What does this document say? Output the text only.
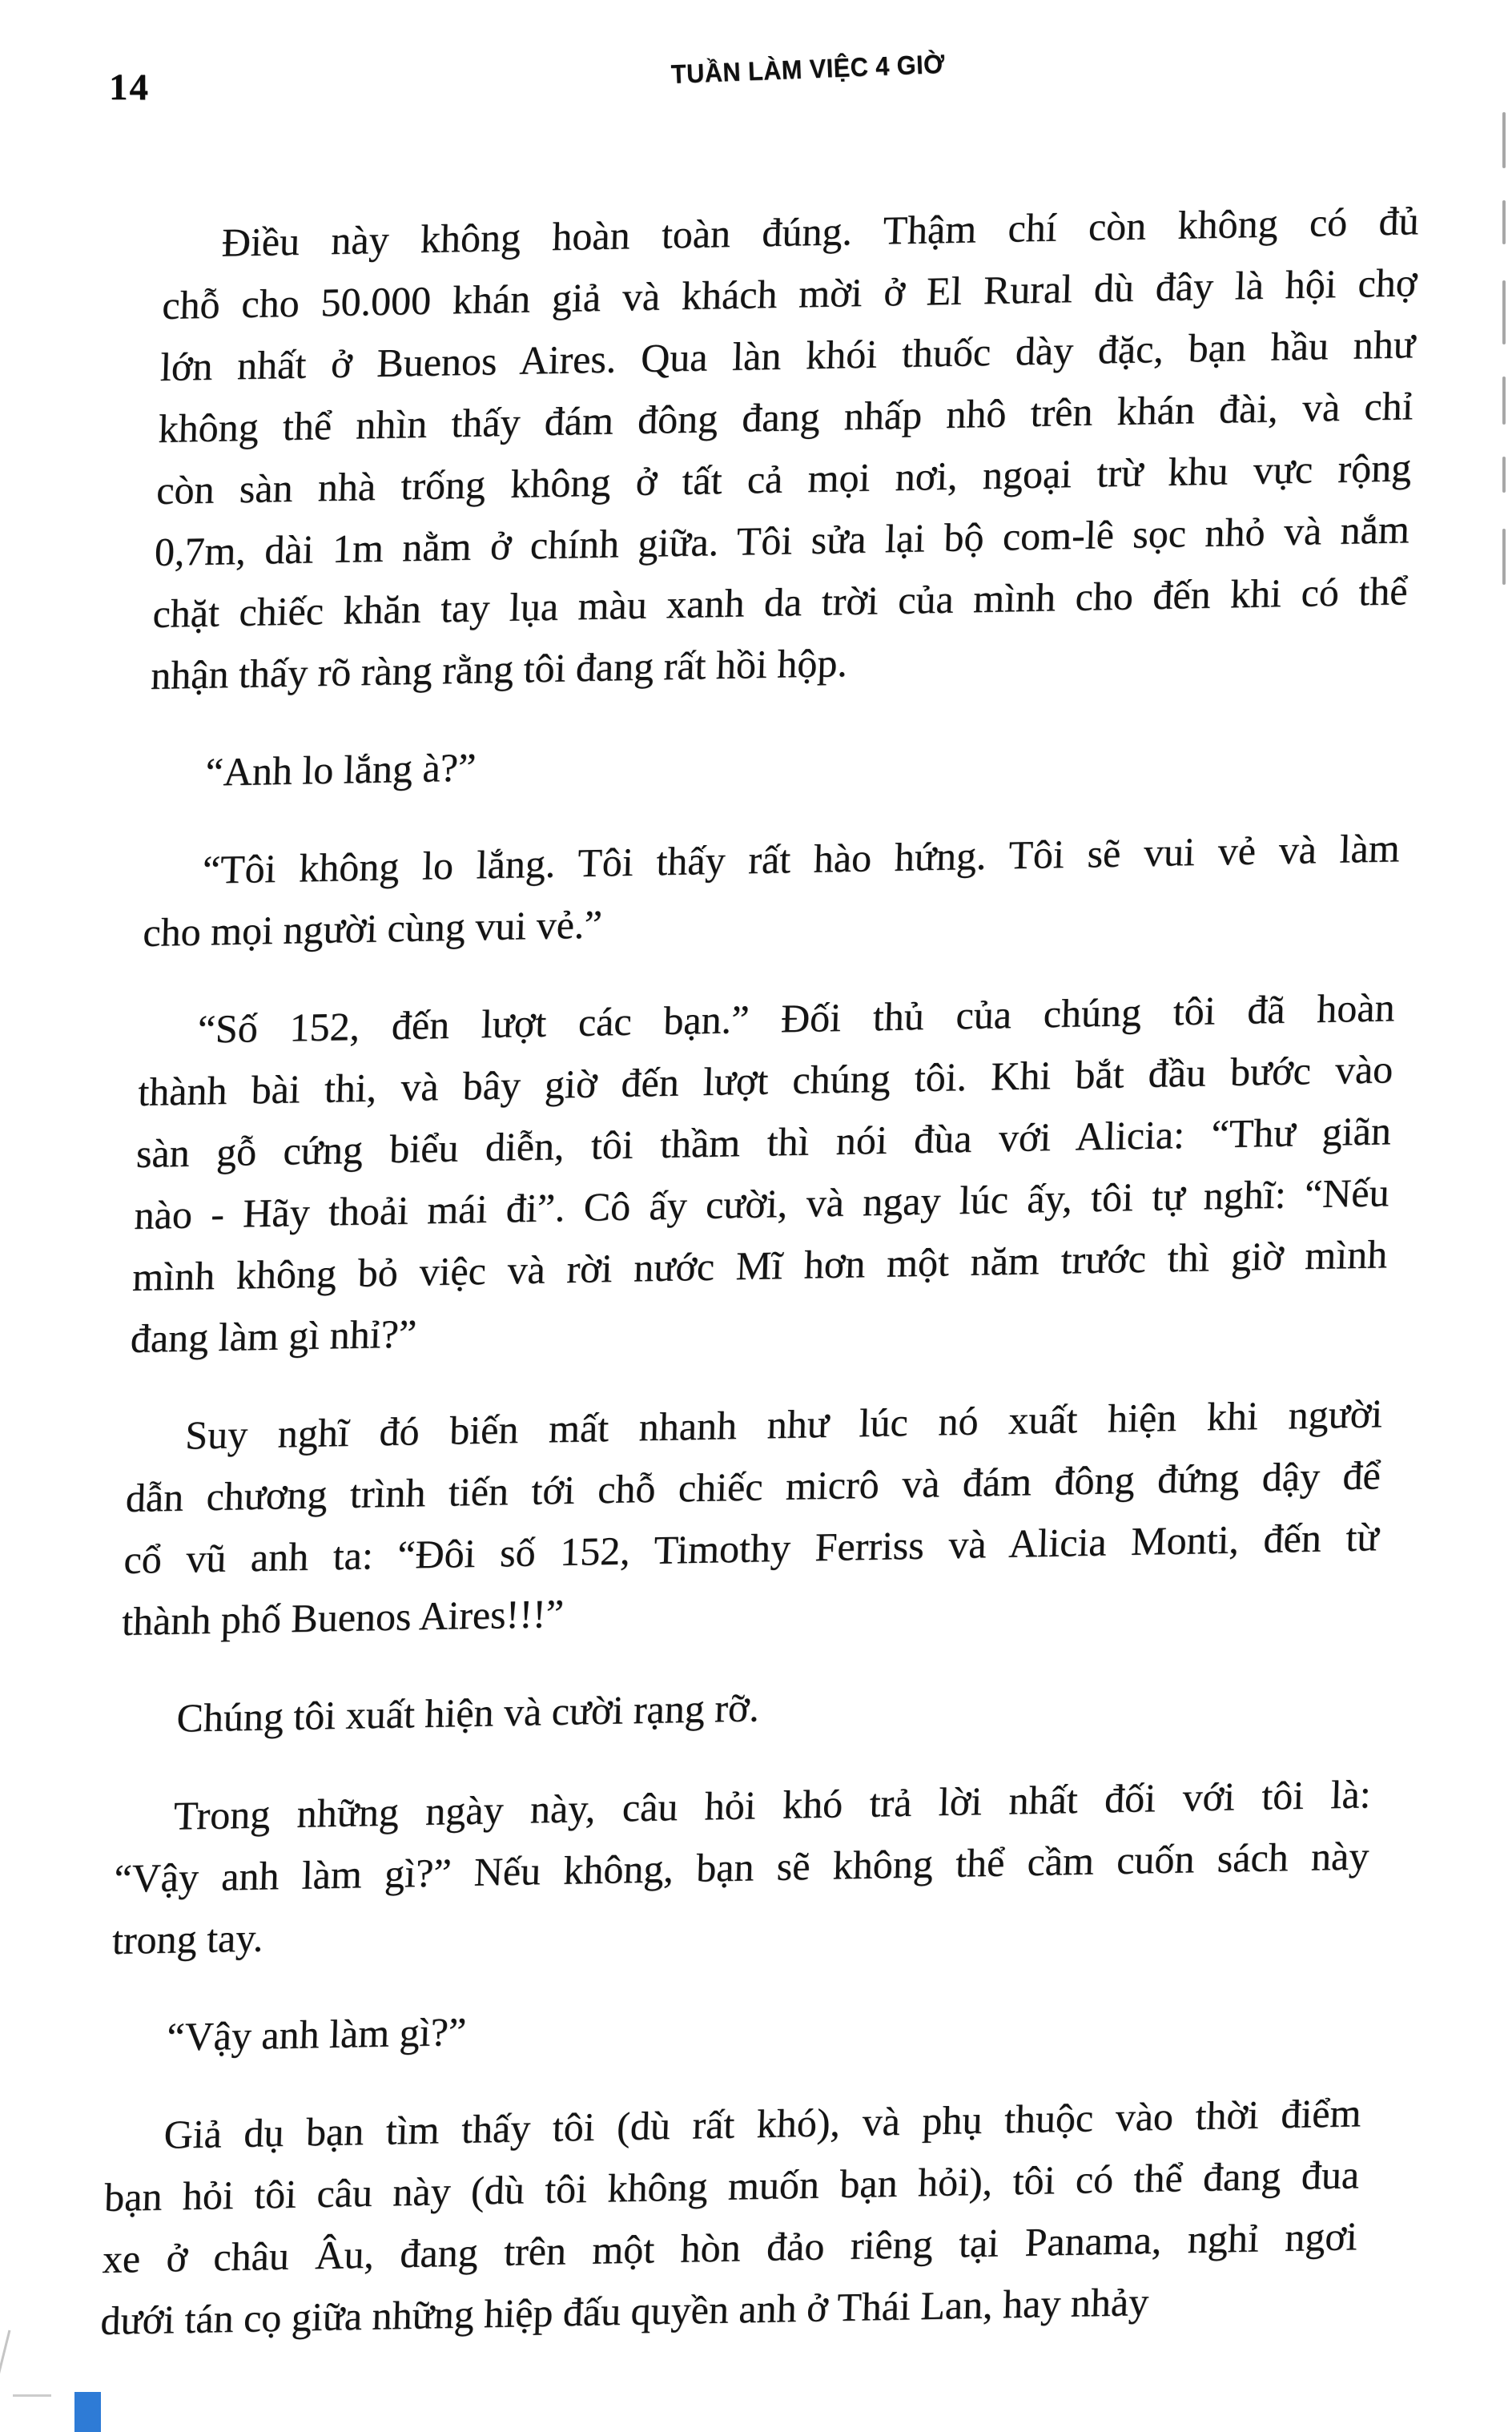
14	TUẦN LÀM VIỆC 4 GIỜ
Điều này không hoàn toàn đúng. Thậm chí còn không có đủ
chỗ cho 50.000 khán giả và khách mời ở El Rural dù đây là hội chợ
lớn nhất ở Buenos Aires. Qua làn khói thuốc dày đặc, bạn hầu như
không thể nhìn thấy đám đông đang nhấp nhô trên khán đài, và chỉ
còn sàn nhà trống không ở tất cả mọi nơi, ngoại trừ khu vực rộng
0,7m, dài 1m nằm ở chính giữa. Tôi sửa lại bộ com-lê sọc nhỏ và nắm
chặt chiếc khăn tay lụa màu xanh da trời của mình cho đến khi có thể
nhận thấy rõ ràng rằng tôi đang rất hồi hộp.
“Anh lo lắng à?”
“Tôi không lo lắng. Tôi thấy rất hào hứng. Tôi sẽ vui vẻ và làm
cho mọi người cùng vui vẻ.”
“Số 152, đến lượt các bạn.” Đối thủ của chúng tôi đã hoàn
thành bài thi, và bây giờ đến lượt chúng tôi. Khi bắt đầu bước vào
sàn gỗ cứng biểu diễn, tôi thầm thì nói đùa với Alicia: “Thư giãn
nào - Hãy thoải mái đi”. Cô ấy cười, và ngay lúc ấy, tôi tự nghĩ: “Nếu
mình không bỏ việc và rời nước Mĩ hơn một năm trước thì giờ mình
đang làm gì nhỉ?”
Suy nghĩ đó biến mất nhanh như lúc nó xuất hiện khi người
dẫn chương trình tiến tới chỗ chiếc micrô và đám đông đứng dậy để
cổ vũ anh ta: “Đôi số 152, Timothy Ferriss và Alicia Monti, đến từ
thành phố Buenos Aires!!!”
Chúng tôi xuất hiện và cười rạng rỡ.
Trong những ngày này, câu hỏi khó trả lời nhất đối với tôi là:
“Vậy anh làm gì?” Nếu không, bạn sẽ không thể cầm cuốn sách này
trong tay.
“Vậy anh làm gì?”
Giả dụ bạn tìm thấy tôi (dù rất khó), và phụ thuộc vào thời điểm
bạn hỏi tôi câu này (dù tôi không muốn bạn hỏi), tôi có thể đang đua
xe ở châu Âu, đang trên một hòn đảo riêng tại Panama, nghỉ ngơi
dưới tán cọ giữa những hiệp đấu quyền anh ở Thái Lan, hay nhảy
